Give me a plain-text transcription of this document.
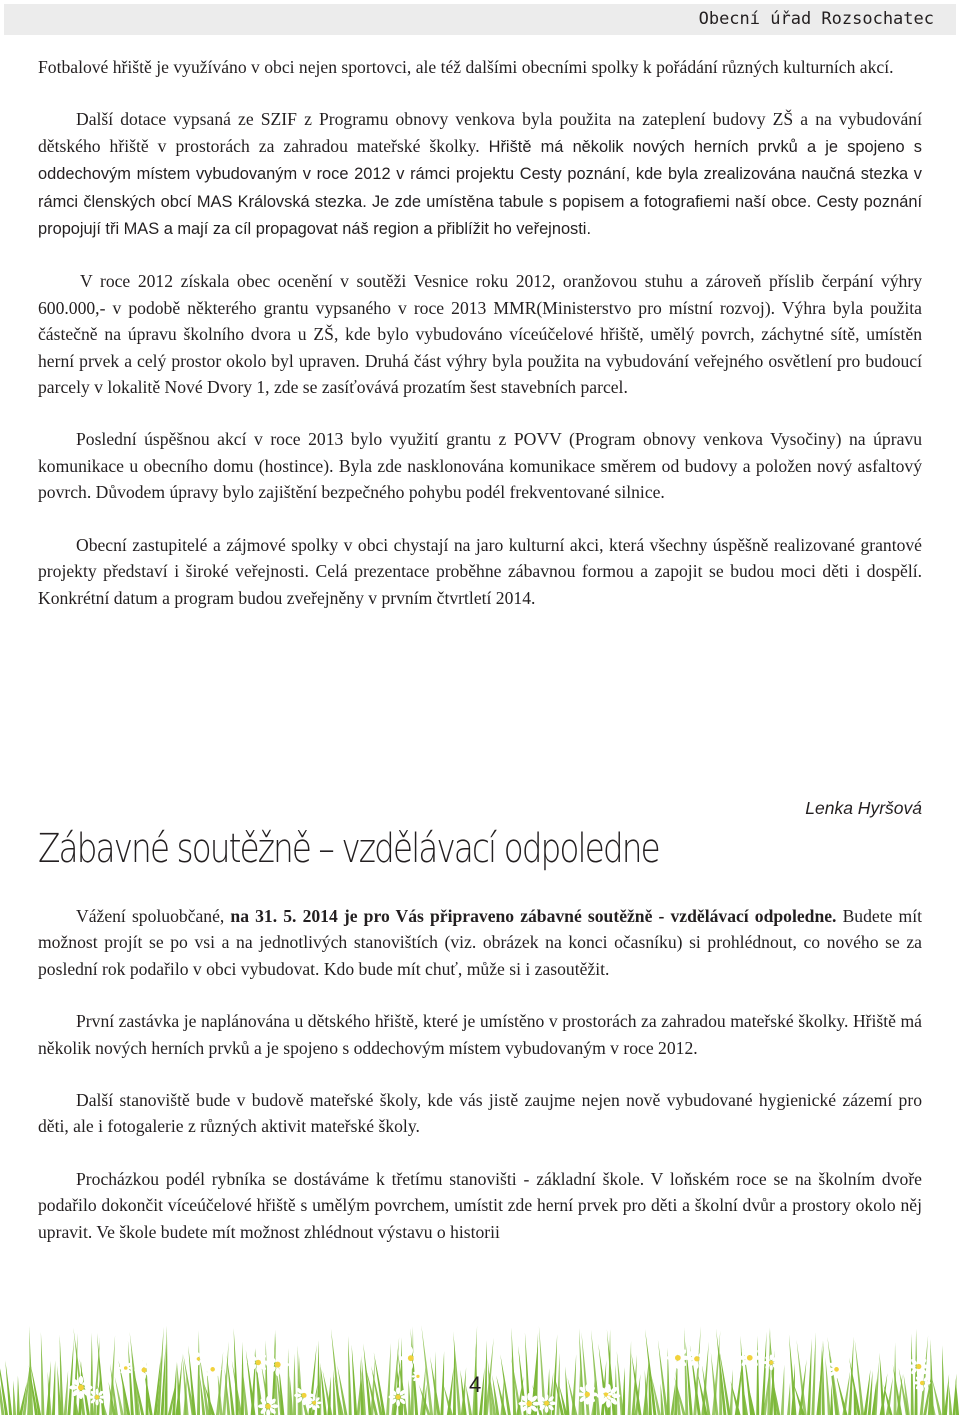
Obecní úřad Rozsochatec

Fotbalové hřiště je využíváno v obci nejen sportovci, ale též dalšími obecními spolky k pořádání různých kulturních akcí.

Další dotace vypsaná ze SZIF z Programu obnovy venkova byla použita na zateplení budovy ZŠ a na vybudování dětského hřiště v prostorách za zahradou mateřské školky. Hřiště má několik nových herních prvků a je spojeno s oddechovým místem vybudovaným v roce 2012 v rámci projektu Cesty poznání, kde byla zrealizována naučná stezka v rámci členských obcí MAS Královská stezka. Je zde umístěna tabule s popisem a fotografiemi naší obce. Cesty poznání propojují tři MAS a mají za cíl propagovat náš region a přiblížit ho veřejnosti.

V roce 2012 získala obec ocenění v soutěži Vesnice roku 2012, oranžovou stuhu a zároveň příslib čerpání výhry 600.000,- v podobě některého grantu vypsaného v roce 2013 MMR(Ministerstvo pro místní rozvoj). Výhra byla použita částečně na úpravu školního dvora u ZŠ, kde bylo vybudováno víceúčelové hřiště, umělý povrch, záchytné sítě, umístěn herní prvek a celý prostor okolo byl upraven. Druhá část výhry byla použita na vybudování veřejného osvětlení pro budoucí parcely v lokalitě Nové Dvory 1, zde se zasíťovává prozatím šest stavebních parcel.

Poslední úspěšnou akcí v roce 2013 bylo využití grantu z POVV (Program obnovy venkova Vysočiny) na úpravu komunikace u obecního domu (hostince). Byla zde nasklonována komunikace směrem od budovy a položen nový asfaltový povrch. Důvodem úpravy bylo zajištění bezpečného pohybu podél frekventované silnice.

Obecní zastupitelé a zájmové spolky v obci chystají na jaro kulturní akci, která všechny úspěšně realizované grantové projekty představí i široké veřejnosti. Celá prezentace proběhne zábavnou formou a zapojit se budou moci děti i dospělí. Konkrétní datum a program budou zveřejněny v prvním čtvrtletí 2014.

Lenka Hyršová
Zábavné soutěžně – vzdělávací odpoledne

Vážení spoluobčané, na 31. 5. 2014 je pro Vás připraveno zábavné soutěžně - vzdělávací odpoledne. Budete mít možnost projít se po vsi a na jednotlivých stanovištích (viz. obrázek na konci očasníku) si prohlédnout, co nového se za poslední rok podařilo v obci vybudovat. Kdo bude mít chuť, může si i zasoutěžit.

První zastávka je naplánována u dětského hřiště, které je umístěno v prostorách za zahradou mateřské školky. Hřiště má několik nových herních prvků a je spojeno s oddechovým místem vybudovaným v roce 2012.

Další stanoviště bude v budově mateřské školy, kde vás jistě zaujme nejen nově vybudované hygienické zázemí pro děti, ale i fotogalerie z různých aktivit mateřské školy.

Procházkou podél rybníka se dostáváme k třetímu stanovišti - základní škole. V loňském roce se na školním dvoře podařilo dokončit víceúčelové hřiště s umělým povrchem, umístit zde herní prvek pro děti a školní dvůr a prostory okolo něj upravit. Ve škole budete mít možnost zhlédnout výstavu o historii

4
